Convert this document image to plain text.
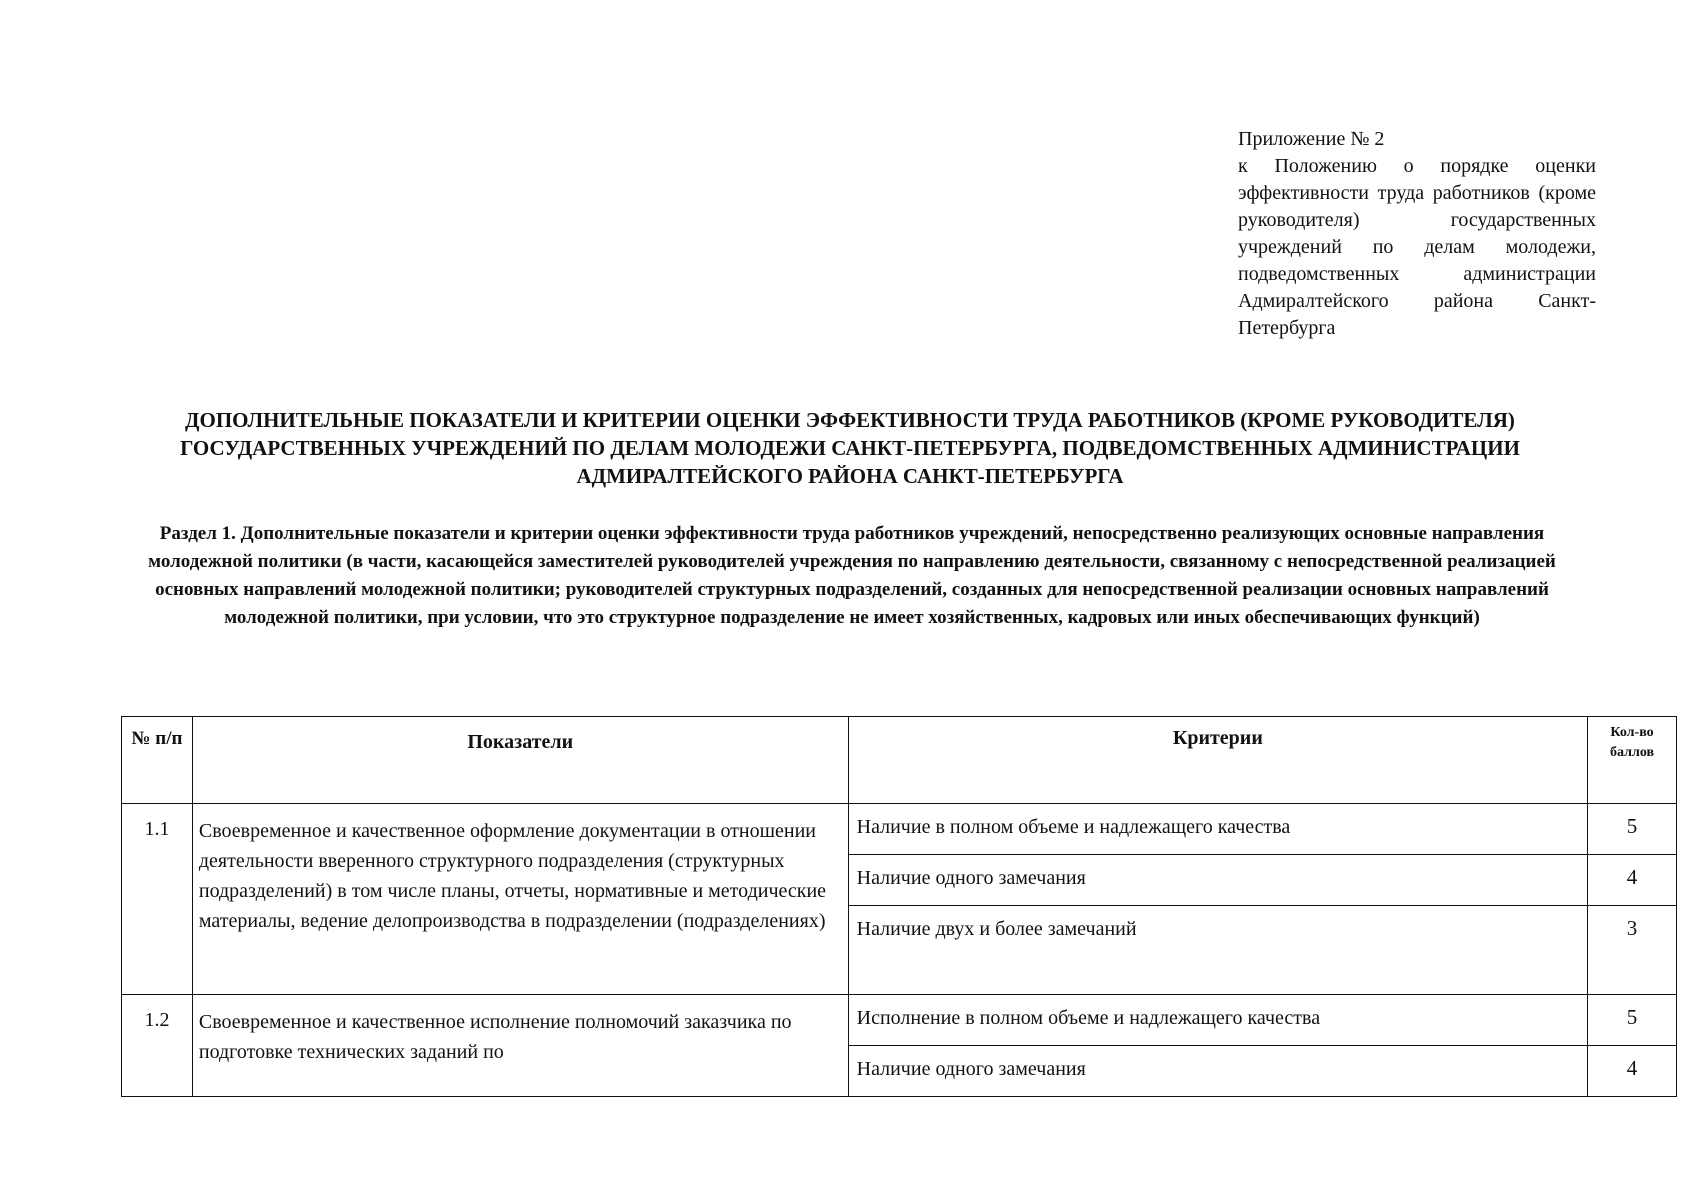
Приложение № 2
к Положению о порядке оценки эффективности труда работников (кроме руководителя) государственных учреждений по делам молодежи, подведомственных администрации Адмиралтейского района Санкт-Петербурга
ДОПОЛНИТЕЛЬНЫЕ ПОКАЗАТЕЛИ И КРИТЕРИИ ОЦЕНКИ ЭФФЕКТИВНОСТИ ТРУДА РАБОТНИКОВ (КРОМЕ РУКОВОДИТЕЛЯ) ГОСУДАРСТВЕННЫХ УЧРЕЖДЕНИЙ ПО ДЕЛАМ МОЛОДЕЖИ САНКТ-ПЕТЕРБУРГА, ПОДВЕДОМСТВЕННЫХ АДМИНИСТРАЦИИ АДМИРАЛТЕЙСКОГО РАЙОНА САНКТ-ПЕТЕРБУРГА
Раздел 1. Дополнительные показатели и критерии оценки эффективности труда работников учреждений, непосредственно реализующих основные направления молодежной политики (в части, касающейся заместителей руководителей учреждения по направлению деятельности, связанному с непосредственной реализацией основных направлений молодежной политики; руководителей структурных подразделений, созданных для непосредственной реализации основных направлений молодежной политики, при условии, что это структурное подразделение не имеет хозяйственных, кадровых или иных обеспечивающих функций)
№ п/п	Показатели	Критерии	Кол-во баллов
1.1	Своевременное и качественное оформление документации в отношении деятельности вверенного структурного подразделения (структурных подразделений) в том числе планы, отчеты, нормативные и методические материалы, ведение делопроизводства в подразделении (подразделениях)	Наличие в полном объеме и надлежащего качества	5
		Наличие одного замечания	4
		Наличие двух и более замечаний	3
1.2	Своевременное и качественное исполнение полномочий заказчика по подготовке технических заданий по	Исполнение в полном объеме и надлежащего качества	5
		Наличие одного замечания	4
